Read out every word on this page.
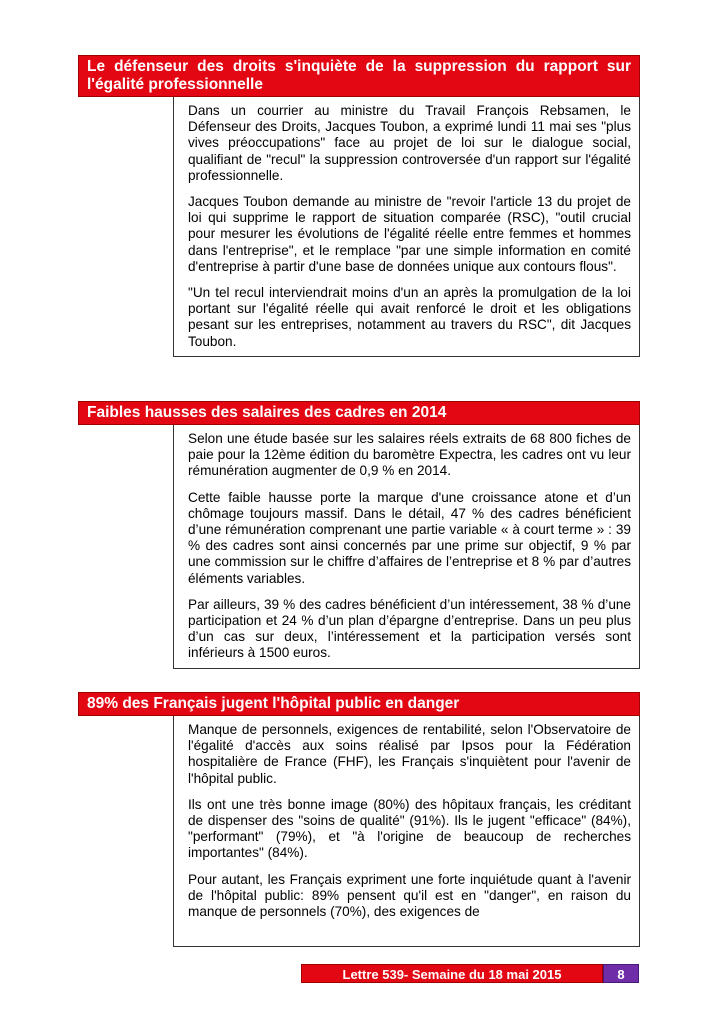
Le défenseur des droits s'inquiète de la suppression du rapport sur l'égalité professionnelle

Dans un courrier au ministre du Travail François Rebsamen, le Défenseur des Droits, Jacques Toubon, a exprimé lundi 11 mai ses "plus vives préoccupations" face au projet de loi sur le dialogue social, qualifiant de "recul" la suppression controversée d'un rapport sur l'égalité professionnelle.

Jacques Toubon demande au ministre de "revoir l'article 13 du projet de loi qui supprime le rapport de situation comparée (RSC), "outil crucial pour mesurer les évolutions de l'égalité réelle entre femmes et hommes dans l'entreprise", et le remplace "par une simple information en comité d'entreprise à partir d'une base de données unique aux contours flous".

"Un tel recul interviendrait moins d'un an après la promulgation de la loi portant sur l'égalité réelle qui avait renforcé le droit et les obligations pesant sur les entreprises, notamment au travers du RSC", dit Jacques Toubon.

Faibles hausses des salaires des cadres en 2014

Selon une étude basée sur les salaires réels extraits de 68 800 fiches de paie pour la 12ème édition du baromètre Expectra, les cadres ont vu leur rémunération augmenter de 0,9 % en 2014.

Cette faible hausse porte la marque d'une croissance atone et d’un chômage toujours massif. Dans le détail, 47 % des cadres bénéficient d’une rémunération comprenant une partie variable « à court terme » : 39 % des cadres sont ainsi concernés par une prime sur objectif, 9 % par une commission sur le chiffre d’affaires de l’entreprise et 8 % par d’autres éléments variables.

Par ailleurs, 39 % des cadres bénéficient d’un intéressement, 38 % d’une participation et 24 % d’un plan d’épargne d’entreprise. Dans un peu plus d’un cas sur deux, l’intéressement et la participation versés sont inférieurs à 1500 euros.

89% des Français jugent l'hôpital public en danger

Manque de personnels, exigences de rentabilité, selon l'Observatoire de l'égalité d'accès aux soins réalisé par Ipsos pour la Fédération hospitalière de France (FHF), les Français s'inquiètent pour l'avenir de l'hôpital public.

Ils ont une très bonne image (80%) des hôpitaux français, les créditant de dispenser des "soins de qualité" (91%). Ils le jugent "efficace" (84%), "performant" (79%), et "à l'origine de beaucoup de recherches importantes" (84%).

Pour autant, les Français expriment une forte inquiétude quant à l'avenir de l'hôpital public: 89% pensent qu'il est en "danger", en raison du manque de personnels (70%), des exigences de

Lettre 539- Semaine du 18 mai 2015	8
